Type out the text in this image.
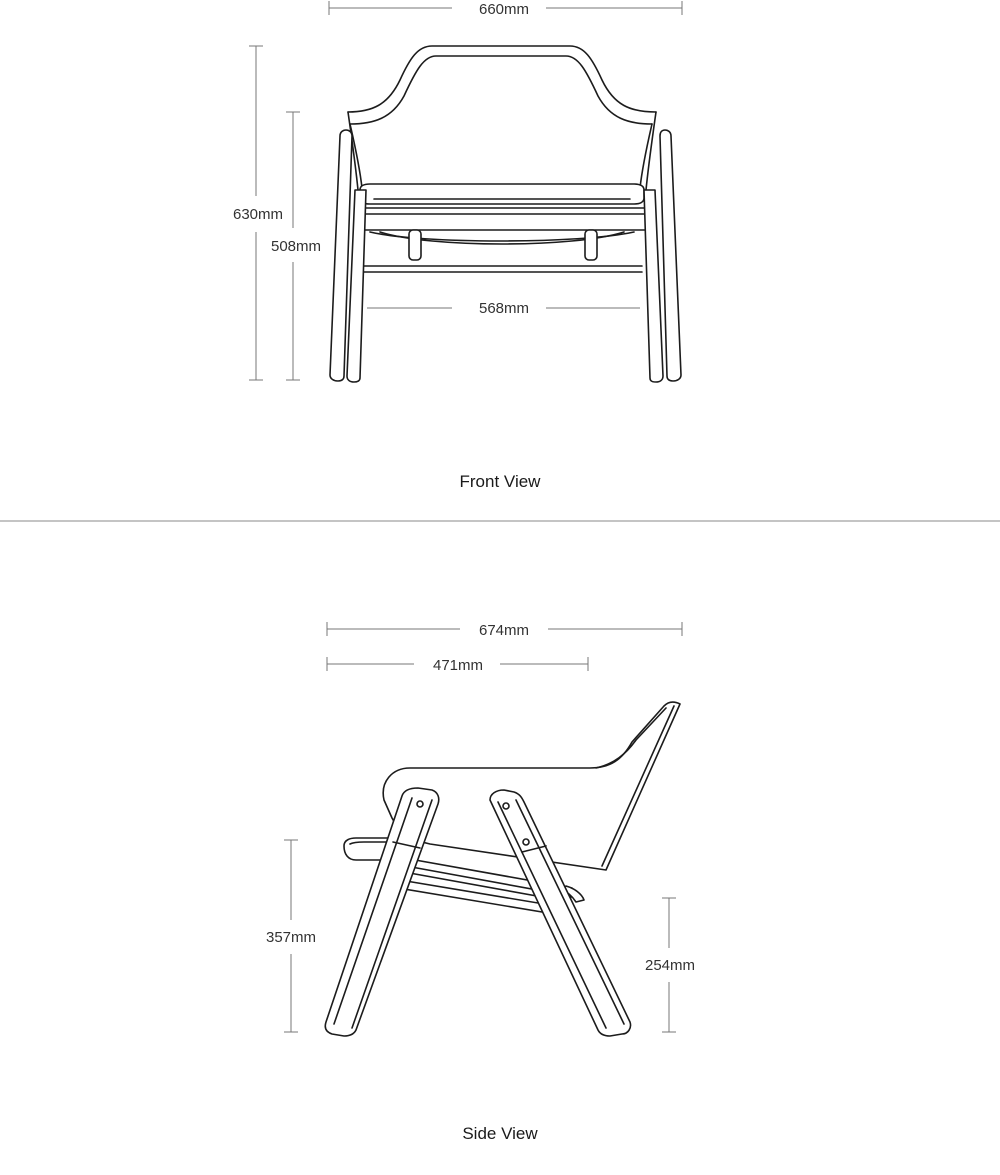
660mm
630mm
508mm
568mm
Front View
674mm
471mm
357mm
254mm
Side View
